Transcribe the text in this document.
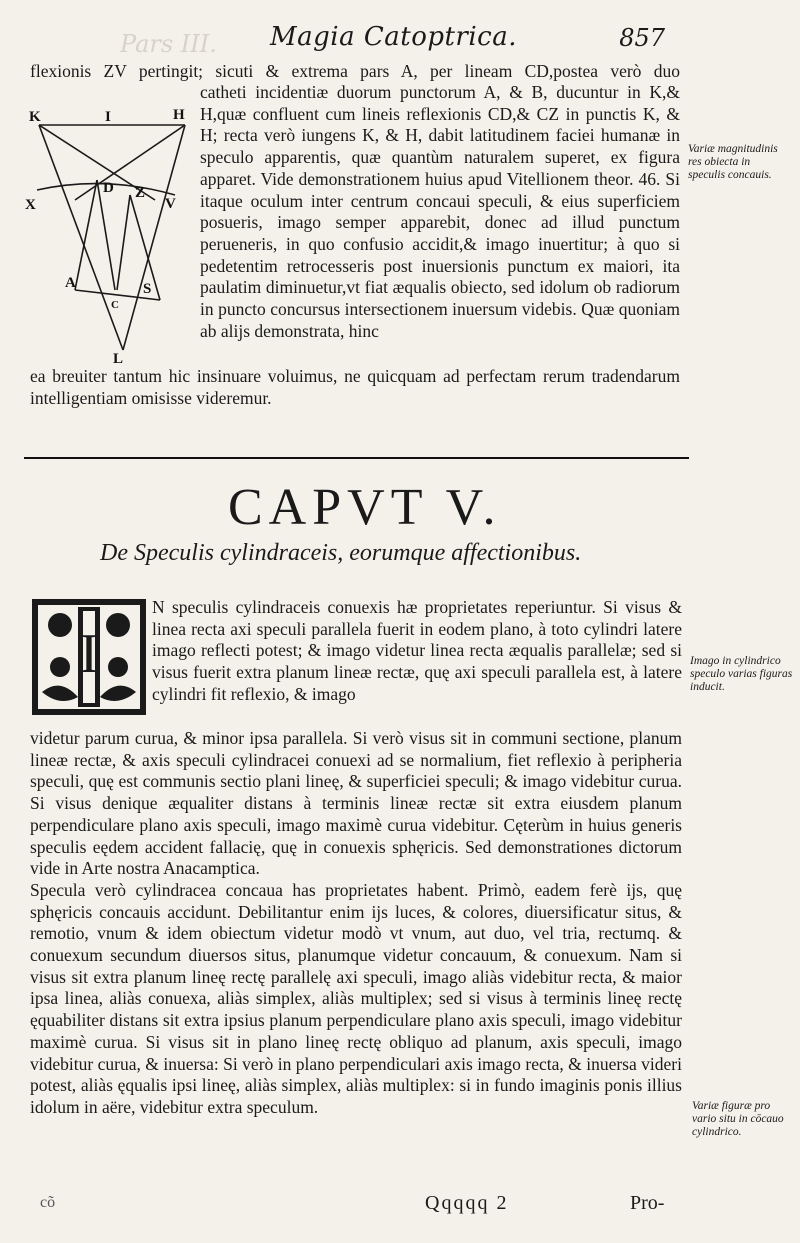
Pars III. Magia Catoptrica.	857
flexionis ZV pertingit; sicuti & extrema pars A, per lineam CD,postea verò duo
K	I	H
X
D Z
V
A	S
C
L

catheti incidentiæ duorum punctorum A, & B, ducuntur in K,& H,quæ confluent cum lineis reflexionis CD,& CZ in punctis K, & H; recta verò iungens K, & H, dabit latitudinem faciei humanæ in speculo apparentis, quæ quantùm naturalem superet, ex figura apparet. Vide demonstrationem huius apud Vitellionem theor. 46. Si itaque oculum inter centrum concaui speculi, & eius superficiem posueris, imago semper apparebit, donec ad illud punctum perueneris, in quo confusio accidit,& imago inuertitur; à quo si pedetentim retrocesseris post inuersionis punctum ex maiori, ita paulatim diminuetur,vt fiat æqualis obiecto, sed idolum ob radiorum in puncto concursus intersectionem inuersum videbis. Quæ quoniam ab alijs demonstrata, hinc

ea breuiter tantum hic insinuare voluimus, ne quicquam ad perfectam rerum tradendarum intelligentiam omisisse videremur.

Variæ magnitudinis res obiecta in speculis concauis.
CAPVT V.
De Speculis cylindraceis, eorumque affectionibus.
I

N speculis cylindraceis conuexis hæ proprietates reperiuntur. Si visus & linea recta axi speculi parallela fuerit in eodem plano, à toto cylindri latere imago reflecti potest; & imago videtur linea recta æqualis parallelæ; sed si visus fuerit extra planum lineæ rectæ, quę axi speculi parallela est, à latere cylindri fit reflexio, & imago

videtur parum curua, & minor ipsa parallela. Si verò visus sit in communi sectione, planum lineæ rectæ, & axis speculi cylindracei conuexi ad se normalium, fiet reflexio à peripheria speculi, quę est communis sectio plani lineę, & superficiei speculi; & imago videbitur curua. Si visus denique æqualiter distans à terminis lineæ rectæ sit extra eiusdem planum perpendiculare plano axis speculi, imago maximè curua videbitur. Cęterùm in huius generis speculis eędem accident fallacię, quę in conuexis sphęricis. Sed demonstrationes dictorum vide in Arte nostra Anacamptica.

Specula verò cylindracea concaua has proprietates habent. Primò, eadem ferè ijs, quę sphęricis concauis accidunt. Debilitantur enim ijs luces, & colores, diuersificatur situs, & remotio, vnum & idem obiectum videtur modò vt vnum, aut duo, vel tria, rectumq. & conuexum secundum diuersos situs, planumque videtur concauum, & conuexum. Nam si visus sit extra planum lineę rectę parallelę axi speculi, imago aliàs videbitur recta, & maior ipsa linea, aliàs conuexa, aliàs simplex, aliàs multiplex; sed si visus à terminis lineę rectę ęquabiliter distans sit extra ipsius planum perpendiculare plano axis speculi, imago videbitur maximè curua. Si visus sit in plano lineę rectę obliquo ad planum, axis speculi, imago videbitur curua, & inuersa: Si verò in plano perpendiculari axis imago recta, & inuersa videri potest, aliàs ęqualis ipsi lineę, aliàs simplex, aliàs multiplex: si in fundo imaginis ponis illius idolum in aëre, videbitur extra speculum.

Imago in cylindrico speculo varias figuras inducit.
Variæ figuræ pro vario situ in cōcauo cylindrico.
cõ	Qqqqq 2	Pro-
